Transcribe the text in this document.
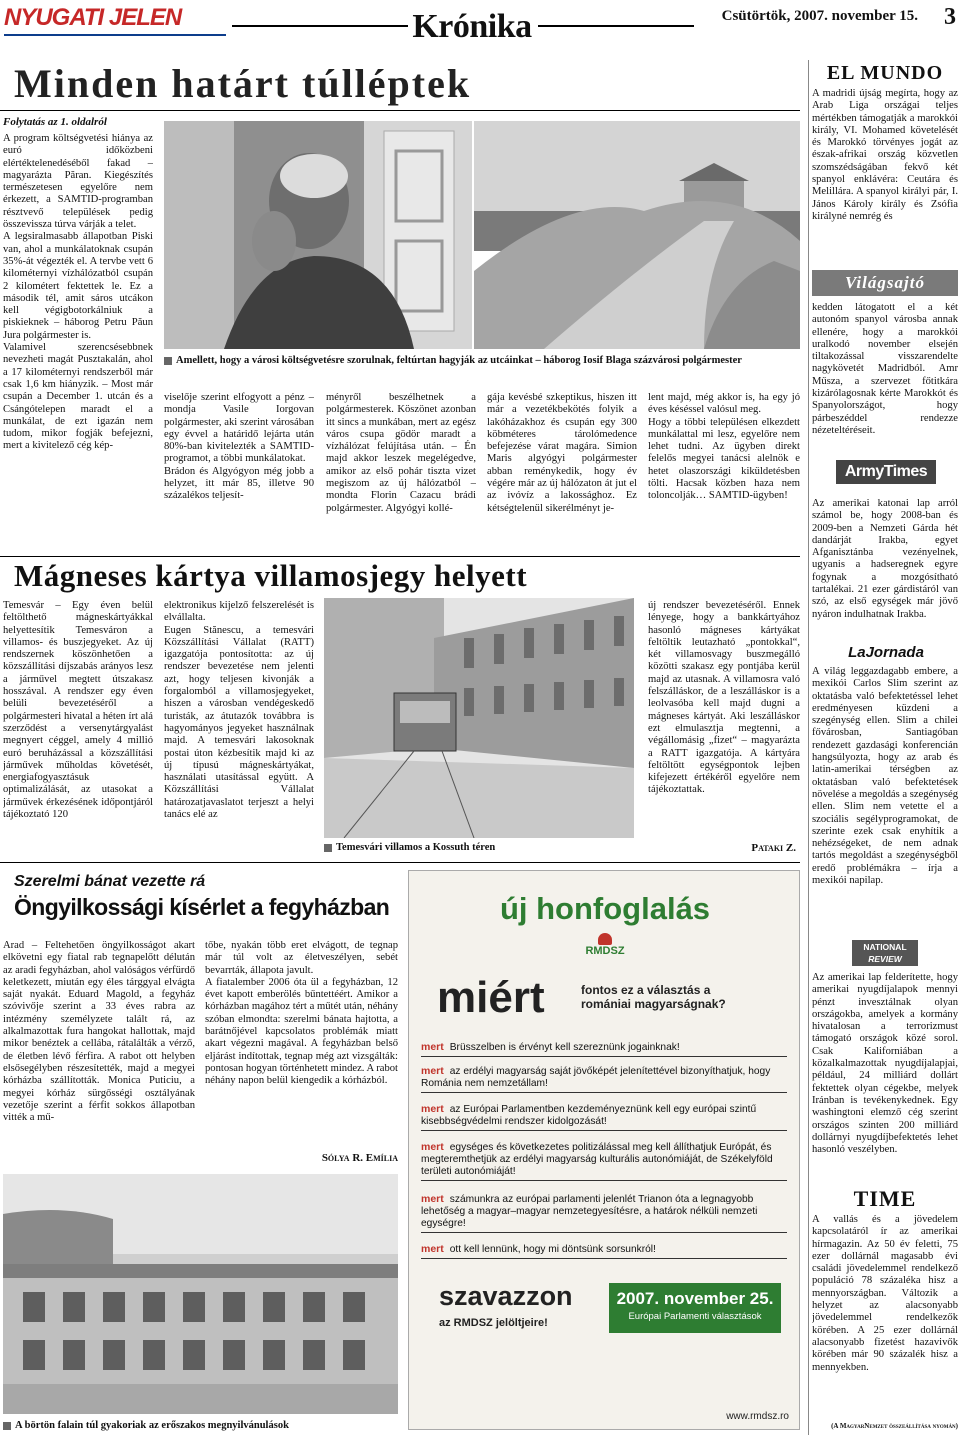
NYUGATI JELEN	Krónika	Csütörtök, 2007. november 15.	3
Minden határt túlléptek
Folytatás az 1. oldalról
A program költségvetési hiánya az euró időközbeni elértéktelenedéséből fakad – magyarázta Păran. Kiegészítés természetesen egyelőre nem érkezett, a SAMTID-programban résztvevő települések pedig összevissza túrva várják a telet.
A legsiralmasabb állapotban Piski van, ahol a munkálatoknak csupán 35%-át végezték el. A tervbe vett 6 kilométernyi vízhálózatból csupán 2 kilométert fektettek le. Ez a második tél, amit sáros utcákon kell végigbotorkálniuk a piskieknek – háborog Petru Păun Jura polgármester is.
Valamivel szerencsésebbnek nevezheti magát Pusztakalán, ahol a 17 kilométernyi rendszerből már csak 1,6 km hiányzik. – Most már csupán a December 1. utcán és a Csángótelepen maradt el a munkálat, de ezt igazán nem tudom, mikor fogják befejezni, mert a kivitelező cég kép-
Amellett, hogy a városi költségvetésre szorulnak, feltúrtan hagyják az utcáinkat – háborog Iosif Blaga százvárosi polgármester
viselője szerint elfogyott a pénz – mondja Vasile Iorgovan polgármester, aki szerint városában egy évvel a határidő lejárta után 80%-ban kivitelezték a SAMTID-programot, a többi munkálatokat.
Brádon és Algyógyon még jobb a helyzet, itt már 85, illetve 90 százalékos teljesít-
ményről beszélhetnek a polgármesterek. Köszönet azonban itt sincs a munkában, mert az egész város csupa gödör maradt a vízhálózat felújítása után. – Én majd akkor leszek megelégedve, amikor az első pohár tiszta vizet megiszom az új hálózatból – mondta Florin Cazacu brádi polgármester. Algyógyi kollé-
gája kevésbé szkeptikus, hiszen itt már a vezetékbekötés folyik a lakóházakhoz és csupán egy 300 köbméteres tárolómedence befejezése várat magára. Simion Maris algyógyi polgármester abban reménykedik, hogy év végére már az új hálózaton át jut el az ivóvíz a lakossághoz. Ez kétségtelenül sikerélményt je-
lent majd, még akkor is, ha egy jó éves késéssel valósul meg.
Hogy a többi településen elkezdett munkálattal mi lesz, egyelőre nem lehet tudni. Az ügyben direkt felelős megyei tanácsi alelnök e hetet olaszországi kiküldetésben tölti. Hacsak közben haza nem toloncolják… SAMTID-ügyben!
Mágneses kártya villamosjegy helyett
Temesvár – Egy éven belül feltölthető mágneskártyákkal helyettesítik Temesváron a villamos- és buszjegyeket. Az új rendszernek köszönhetően a közszállítási díjszabás arányos lesz a járművel megtett útszakasz hosszával. A rendszer egy éven belüli bevezetéséről a polgármesteri hivatal a héten írt alá szerződést a versenytárgyalást megnyert céggel, amely 4 millió euró beruházással a közszállítási járművek műholdas követését, energiafogyasztásuk optimalizálását, az utasokat a járművek érkezésének időpontjáról tájékoztató 120
elektronikus kijelző felszerelését is elvállalta.
Eugen Stănescu, a temesvári Közszállítási Vállalat (RATT) igazgatója pontosította: az új rendszer bevezetése nem jelenti azt, hogy teljesen kivonják a forgalomból a villamosjegyeket, hiszen a városban vendégeskedő turisták, az átutazók továbbra is hagyományos jegyeket használnak majd. A temesvári lakosoknak postai úton kézbesítik majd ki az új típusú mágneskártyákat, használati utasítással együtt. A Közszállítási Vállalat határozatjavaslatot terjeszt a helyi tanács elé az
Temesvári villamos a Kossuth téren
új rendszer bevezetéséről. Ennek lényege, hogy a bankkártyához hasonló mágneses kártyákat feltöltik leutazható „pontokkal“, két villamosvagy buszmegálló közötti szakasz egy pontjába kerül majd az utasnak. A villamosra való felszálláskor, de a leszálláskor is a leolvasóba kell majd dugni a mágneses kártyát. Aki leszálláskor ezt elmulasztja megtenni, a végállomásig „fizet“ – magyarázta a RATT igazgatója. A kártyára feltöltött egységpontok lejben kifejezett értékéről egyelőre nem tájékoztattak.
Pataki Z.
Szerelmi bánat vezette rá
Öngyilkossági kísérlet a fegyházban
Arad – Feltehetően öngyilkosságot akart elkövetni egy fiatal rab tegnapelőtt délután az aradi fegyházban, ahol valóságos vérfürdő keletkezett, miután egy éles tárggyal elvágta saját nyakát. Eduard Magold, a fegyház szóvivője szerint a 33 éves rabra az intézmény személyzete talált rá, az alkalmazottak fura hangokat hallottak, majd mikor benéztek a cellába, rátalálták a vérző, de életben lévő férfira. A rabot ott helyben elsősegélyben részesítették, majd a megyei kórházba szállították. Monica Puticiu, a megyei kórház sürgősségi osztályának vezetője szerint a férfit sokkos állapotban vitték a mű-
tőbe, nyakán több eret elvágott, de tegnap már túl volt az életveszélyen, sebét bevarrták, állapota javult.
A fiatalember 2006 óta ül a fegyházban, 12 évet kapott emberölés bűntettéért. Amikor a kórházban magához tért a műtét után, néhány szóban elmondta: szerelmi bánata hajtotta, a barátnőjével kapcsolatos problémák miatt akart végezni magával. A fegyházban belső eljárást indítottak, tegnap még azt vizsgálták: pontosan hogyan történhetett mindez. A rabot néhány napon belül kiengedik a kórházból.
Sólya R. Emília
A börtön falain túl gyakoriak az erőszakos megnyilvánulások
új honfoglalás
RMDSZ
miért	fontos ez a választás a
romániai magyarságnak?
mert Brüsszelben is érvényt kell szereznünk jogainknak!
mert az erdélyi magyarság saját jövőképét jelenítettével bizonyíthatjuk, hogy Románia nem nemzetállam!
mert az Európai Parlamentben kezdeményeznünk kell egy európai szintű kisebbségvédelmi rendszer kidolgozását!
mert egységes és következetes politizálással meg kell állíthatjuk Európát, és megteremthetjük az erdélyi magyarság kulturális autonómiáját, de Székelyföld területi autonómiáját!
mert számunkra az európai parlamenti jelenlét Trianon óta a legnagyobb lehetőség a magyar–magyar nemzetegyesítésre, a határok nélküli nemzeti egységre!
mert ott kell lennünk, hogy mi döntsünk sorsunkról!
szavazzon
az RMDSZ jelöltjeire!
2007. november 25.
Európai Parlamenti választások
www.rmdsz.ro
EL MUNDO
A madridi újság megírta, hogy az Arab Liga országai teljes mértékben támogatják a marokkói király, VI. Mohamed követelését és Marokkó törvényes jogát az észak-afrikai ország közvetlen szomszédságában fekvő két spanyol enklávéra: Ceutára és Melillára. A spanyol királyi pár, I. János Károly király és Zsófia királyné nemrég és
Világsajtó
kedden látogatott el a két autonóm spanyol városba annak ellenére, hogy a marokkói uralkodó november elsején tiltakozással visszarendelte nagykövetét Madridból. Amr Műsza, a szervezet főtitkára kizárólagosnak kérte Marokkót és Spanyolországot, hogy párbeszéddel rendezze nézeteltéréseit.
ArmyTimes
Az amerikai katonai lap arról számol be, hogy 2008-ban és 2009-ben a Nemzeti Gárda hét dandárját Irakba, egyet Afganisztánba vezényelnek, ugyanis a hadseregnek egyre fogynak a mozgósítható tartalékai. 21 ezer gárdistáról van szó, az első egységek már jövő nyáron indulhatnak Irakba.
LaJornada
A világ leggazdagabb embere, a mexikói Carlos Slim szerint az oktatásba való befektetéssel lehet eredményesen küzdeni a szegénység ellen. Slim a chilei fővárosban, Santiagóban rendezett gazdasági konferencián hangsúlyozta, hogy az arab és latin-amerikai térségben az oktatásban való befektetések növelése a megoldás a szegénység ellen. Slim nem vetette el a szociális segélyprogramokat, de szerinte ezek csak enyhítik a nehézségeket, de nem adnak tartós megoldást a szegénységből eredő problémákra – írja a mexikói napilap.
NATIONAL
REVIEW
Az amerikai lap felderítette, hogy amerikai nyugdíjalapok mennyi pénzt invesztálnak olyan országokba, amelyek a kormány hivatalosan a terrorizmust támogató országok közé sorol. Csak Kaliforniában a közalkalmazottak nyugdíjalapjai, például, 24 milliárd dollárt fektettek olyan cégekbe, melyek Iránban is tevékenykednek. Egy washingtoni elemző cég szerint országos szinten 200 milliárd dollárnyi nyugdíjbefektetés lehet hasonló veszélyben.
TIME
A vallás és a jövedelem kapcsolatáról ír az amerikai hírmagazin. Az 50 év feletti, 75 ezer dollárnál magasabb évi családi jövedelemmel rendelkező populáció 78 százaléka hisz a mennyországban. Változik a helyzet az alacsonyabb jövedelemmel rendelkezők körében. A 25 ezer dollárnál alacsonyabb fizetést hazavivők körében már 90 százalék hisz a mennyekben.
(A MagyarNemzet összeállítása nyomán)
